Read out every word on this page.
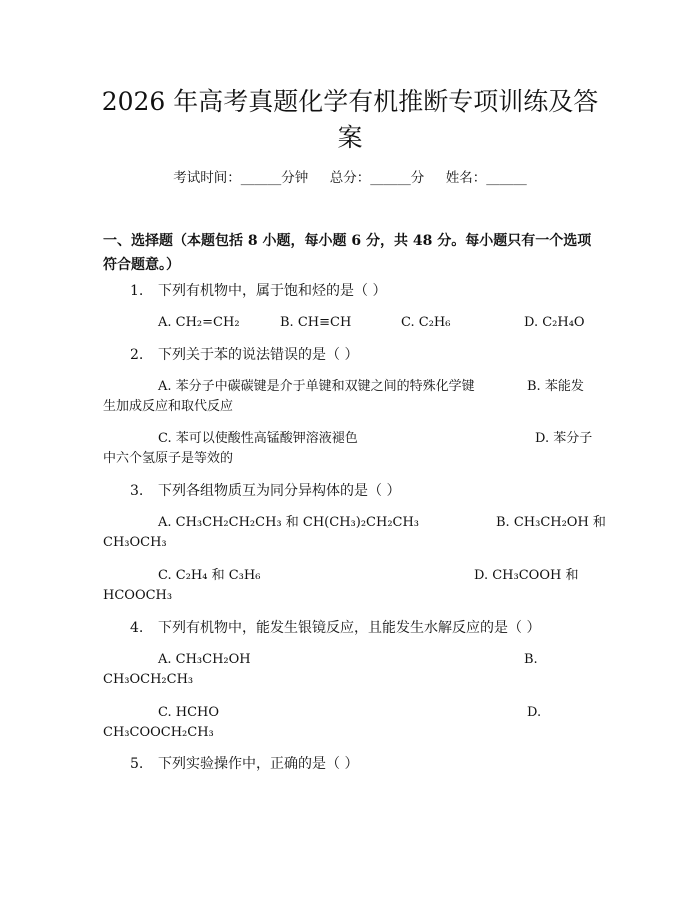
2026 年高考真题化学有机推断专项训练及答案
考试时间：______分钟     总分：______分     姓名：______
一、选择题（本题包括 8 小题，每小题 6 分，共 48 分。每小题只有一个选项符合题意。）
1. 下列有机物中，属于饱和烃的是（ ）
A. CH₂=CH₂	B. CH≡CH	C. C₂H₆	D. C₂H₄O
2. 下列关于苯的说法错误的是（ ）
A. 苯分子中碳碳键是介于单键和双键之间的特殊化学键	B. 苯能发
生加成反应和取代反应
C. 苯可以使酸性高锰酸钾溶液褪色	D. 苯分子
中六个氢原子是等效的
3. 下列各组物质互为同分异构体的是（ ）
A. CH₃CH₂CH₂CH₃ 和 CH(CH₃)₂CH₂CH₃	B. CH₃CH₂OH 和
CH₃OCH₃
C. C₂H₄ 和 C₃H₆	D. CH₃COOH 和
HCOOCH₃
4. 下列有机物中，能发生银镜反应，且能发生水解反应的是（ ）
A. CH₃CH₂OH	B.
CH₃OCH₂CH₃
C. HCHO	D.
CH₃COOCH₂CH₃
5. 下列实验操作中，正确的是（ ）
